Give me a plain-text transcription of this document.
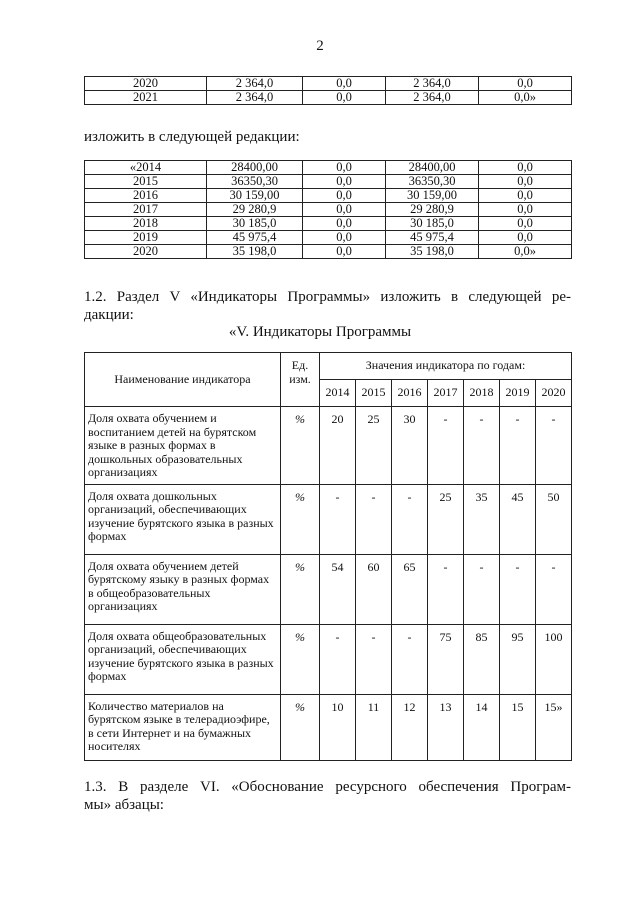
2
2020	2 364,0	0,0	2 364,0	0,0
2021	2 364,0	0,0	2 364,0	0,0»
изложить в следующей редакции:
«2014	28400,00	0,0	28400,00	0,0
2015	36350,30	0,0	36350,30	0,0
2016	30 159,00	0,0	30 159,00	0,0
2017	29 280,9	0,0	29 280,9	0,0
2018	30 185,0	0,0	30 185,0	0,0
2019	45 975,4	0,0	45 975,4	0,0
2020	35 198,0	0,0	35 198,0	0,0»
1.2. Раздел V «Индикаторы Программы» изложить в следующей ре-
дакции:
«V. Индикаторы Программы
Наименование индикатора	Ед. изм.	Значения индикатора по годам:						
		2014	2015	2016	2017	2018	2019	2020
Доля охвата обучением и воспитанием детей на бурятском языке в разных формах в дошкольных образовательных организациях	%	20	25	30	-	-	-	-
Доля охвата дошкольных организаций, обеспечивающих изучение бурятского языка в разных формах	%	-	-	-	25	35	45	50
Доля охвата обучением детей бурятскому языку в разных формах в общеобразовательных организациях	%	54	60	65	-	-	-	-
Доля охвата общеобразовательных организаций, обеспечивающих изучение бурятского языка в разных формах	%	-	-	-	75	85	95	100
Количество материалов на бурятском языке в телерадиоэфире, в сети Интернет и на бумажных носителях	%	10	11	12	13	14	15	15»
1.3. В разделе VI. «Обоснование ресурсного обеспечения Програм-
мы» абзацы:
